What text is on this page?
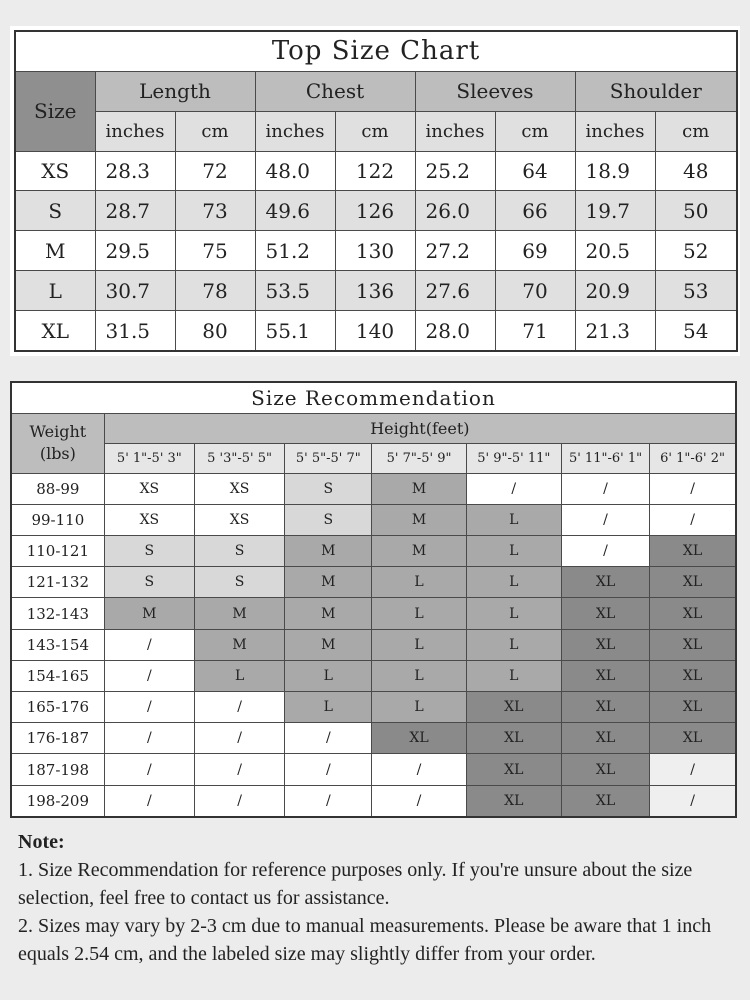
Top Size Chart								
Size	Length		Chest		Sleeves		Shoulder	
	inches	cm	inches	cm	inches	cm	inches	cm
XS	28.3	72	48.0	122	25.2	64	18.9	48
S	28.7	73	49.6	126	26.0	66	19.7	50
M	29.5	75	51.2	130	27.2	69	20.5	52
L	30.7	78	53.5	136	27.6	70	20.9	53
XL	31.5	80	55.1	140	28.0	71	21.3	54
Size Recommendation							
Weight
(lbs)	Height(feet)						
	5' 1"-5' 3"	5 '3"-5' 5"	5' 5"-5' 7"	5' 7"-5' 9"	5' 9"-5' 11"	5' 11"-6' 1"	6' 1"-6' 2"
88-99	XS	XS	S	M	/	/	/
99-110	XS	XS	S	M	L	/	/
110-121	S	S	M	M	L	/	XL
121-132	S	S	M	L	L	XL	XL
132-143	M	M	M	L	L	XL	XL
143-154	/	M	M	L	L	XL	XL
154-165	/	L	L	L	L	XL	XL
165-176	/	/	L	L	XL	XL	XL
176-187	/	/	/	XL	XL	XL	XL
187-198	/	/	/	/	XL	XL	/
198-209	/	/	/	/	XL	XL	/

Note:

1. Size Recommendation for reference purposes only. If you're unsure about the size selection, feel free to contact us for assistance.

2. Sizes may vary by 2-3 cm due to manual measurements. Please be aware that 1 inch equals 2.54 cm, and the labeled size may slightly differ from your order.
